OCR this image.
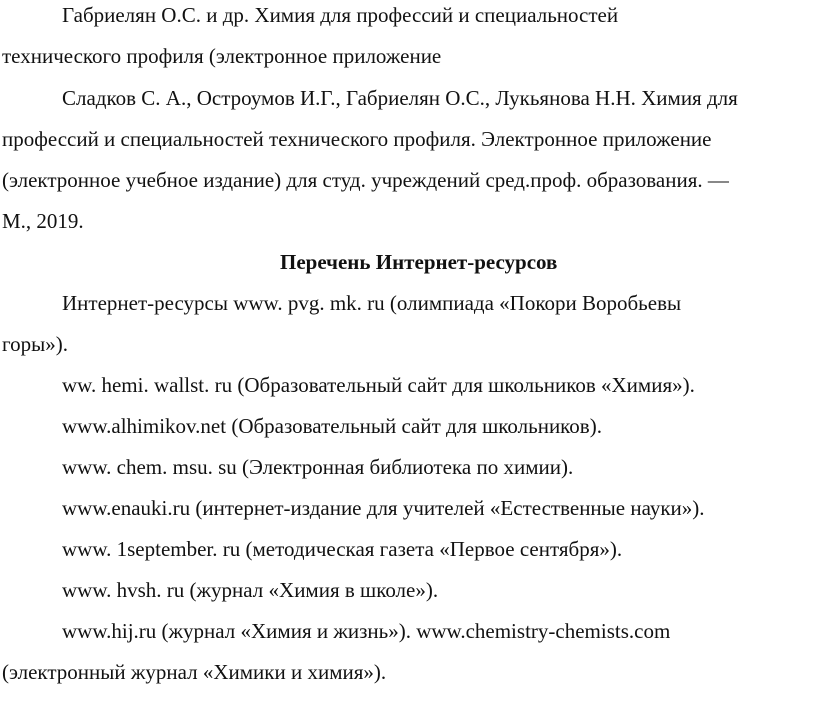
Габриелян О.С. и др. Химия для профессий и специальностей
технического профиля (электронное приложение
Сладков С. А., Остроумов И.Г., Габриелян О.С., Лукьянова Н.Н. Химия для
профессий и специальностей технического профиля. Электронное приложение
(электронное учебное издание) для студ. учреждений сред.проф. образования. —
М., 2019.
Перечень Интернет-ресурсов
Интернет-ресурсы www. pvg. mk. ru (олимпиада «Покори Воробьевы
горы»).
ww. hemi. wallst. ru (Образовательный сайт для школьников «Химия»).
www.alhimikov.net (Образовательный сайт для школьников).
www. chem. msu. su (Электронная библиотека по химии).
www.enauki.ru (интернет-издание для учителей «Естественные науки»).
www. 1september. ru (методическая газета «Первое сентября»).
www. hvsh. ru (журнал «Химия в школе»).
www.hij.ru (журнал «Химия и жизнь»). www.chemistry-chemists.com
(электронный журнал «Химики и химия»).
